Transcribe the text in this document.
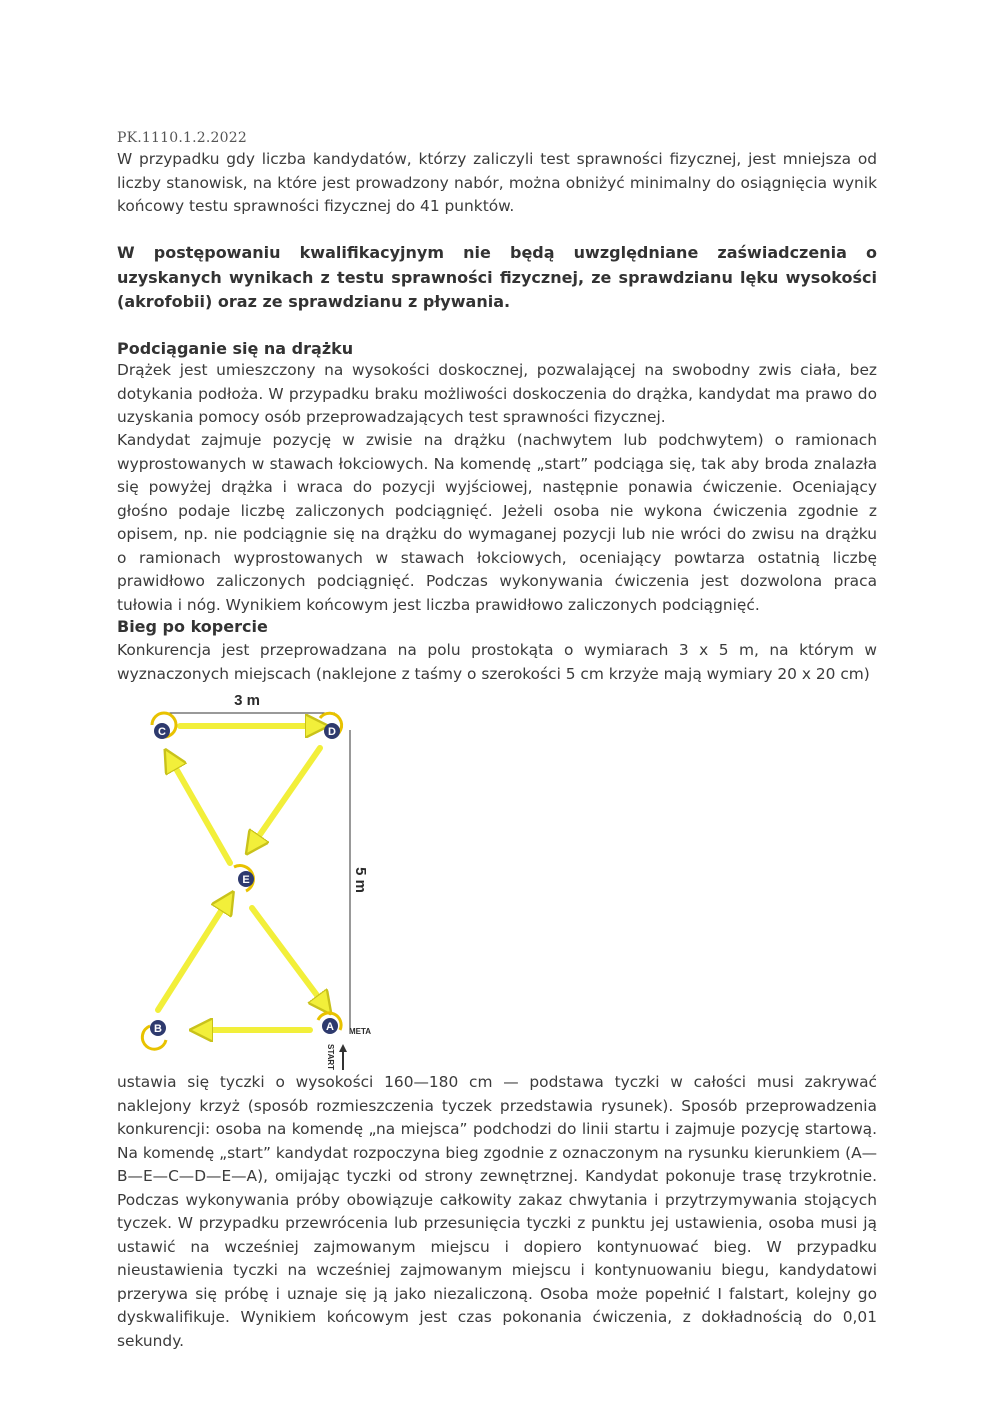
PK.1110.1.2.2022
W przypadku gdy liczba kandydatów, którzy zaliczyli test sprawności fizycznej, jest mniejsza od liczby stanowisk, na które jest prowadzony nabór, można obniżyć minimalny do osiągnięcia wynik końcowy testu sprawności fizycznej do 41 punktów.
W postępowaniu kwalifikacyjnym nie będą uwzględniane zaświadczenia o uzyskanych wynikach z testu sprawności fizycznej, ze sprawdzianu lęku wysokości (akrofobii) oraz ze sprawdzianu z pływania.
Podciąganie się na drążku
Drążek jest umieszczony na wysokości doskocznej, pozwalającej na swobodny zwis ciała, bez dotykania podłoża. W przypadku braku możliwości doskoczenia do drążka, kandydat ma prawo do uzyskania pomocy osób przeprowadzających test sprawności fizycznej.
Kandydat zajmuje pozycję w zwisie na drążku (nachwytem lub podchwytem) o ramionach wyprostowanych w stawach łokciowych. Na komendę „start” podciąga się, tak aby broda znalazła się powyżej drążka i wraca do pozycji wyjściowej, następnie ponawia ćwiczenie. Oceniający głośno podaje liczbę zaliczonych podciągnięć. Jeżeli osoba nie wykona ćwiczenia zgodnie z opisem, np. nie podciągnie się na drążku do wymaganej pozycji lub nie wróci do zwisu na drążku o ramionach wyprostowanych w stawach łokciowych, oceniający powtarza ostatnią liczbę prawidłowo zaliczonych podciągnięć. Podczas wykonywania ćwiczenia jest dozwolona praca tułowia i nóg. Wynikiem końcowym jest liczba prawidłowo zaliczonych podciągnięć.
Bieg po kopercie
Konkurencja jest przeprowadzana na polu prostokąta o wymiarach 3 x 5 m, na którym w wyznaczonych miejscach (naklejone z taśmy o szerokości 5 cm krzyże mają wymiary 20 x 20 cm)
3 m
5 m
C	D
E
B	A META
START
ustawia się tyczki o wysokości 160—180 cm — podstawa tyczki w całości musi zakrywać naklejony krzyż (sposób rozmieszczenia tyczek przedstawia rysunek). Sposób przeprowadzenia konkurencji: osoba na komendę „na miejsca” podchodzi do linii startu i zajmuje pozycję startową. Na komendę „start” kandydat rozpoczyna bieg zgodnie z oznaczonym na rysunku kierunkiem (A—B—E—C—D—E—A), omijając tyczki od strony zewnętrznej. Kandydat pokonuje trasę trzykrotnie. Podczas wykonywania próby obowiązuje całkowity zakaz chwytania i przytrzymywania stojących tyczek. W przypadku przewrócenia lub przesunięcia tyczki z punktu jej ustawienia, osoba musi ją ustawić na wcześniej zajmowanym miejscu i dopiero kontynuować bieg. W przypadku nieustawienia tyczki na wcześniej zajmowanym miejscu i kontynuowaniu biegu, kandydatowi przerywa się próbę i uznaje się ją jako niezaliczoną. Osoba może popełnić I falstart, kolejny go dyskwalifikuje. Wynikiem końcowym jest czas pokonania ćwiczenia, z dokładnością do 0,01 sekundy.
